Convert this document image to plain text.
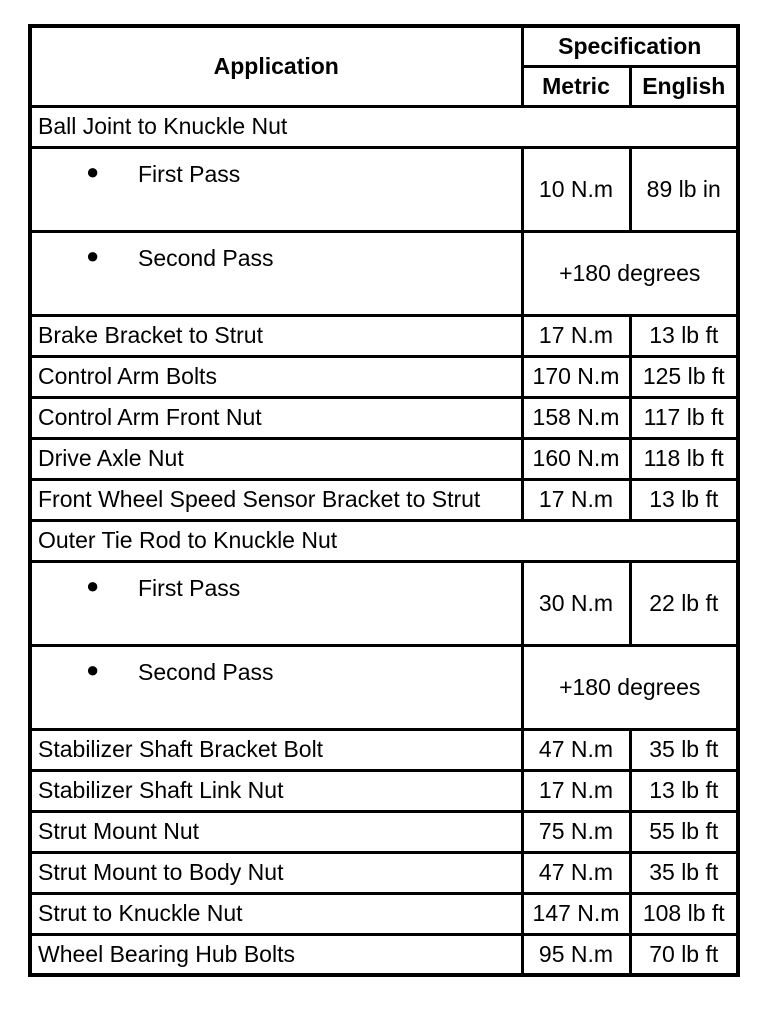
Application	Specification	
	Metric	English
Ball Joint to Knuckle Nut		

● First Pass	10 N.m	89 lb in

● Second Pass	+180 degrees	
Brake Bracket to Strut	17 N.m	13 lb ft
Control Arm Bolts	170 N.m	125 lb ft
Control Arm Front Nut	158 N.m	117 lb ft
Drive Axle Nut	160 N.m	118 lb ft
Front Wheel Speed Sensor Bracket to Strut	17 N.m	13 lb ft
Outer Tie Rod to Knuckle Nut		

● First Pass	30 N.m	22 lb ft

● Second Pass	+180 degrees	
Stabilizer Shaft Bracket Bolt	47 N.m	35 lb ft
Stabilizer Shaft Link Nut	17 N.m	13 lb ft
Strut Mount Nut	75 N.m	55 lb ft
Strut Mount to Body Nut	47 N.m	35 lb ft
Strut to Knuckle Nut	147 N.m	108 lb ft
Wheel Bearing Hub Bolts	95 N.m	70 lb ft
